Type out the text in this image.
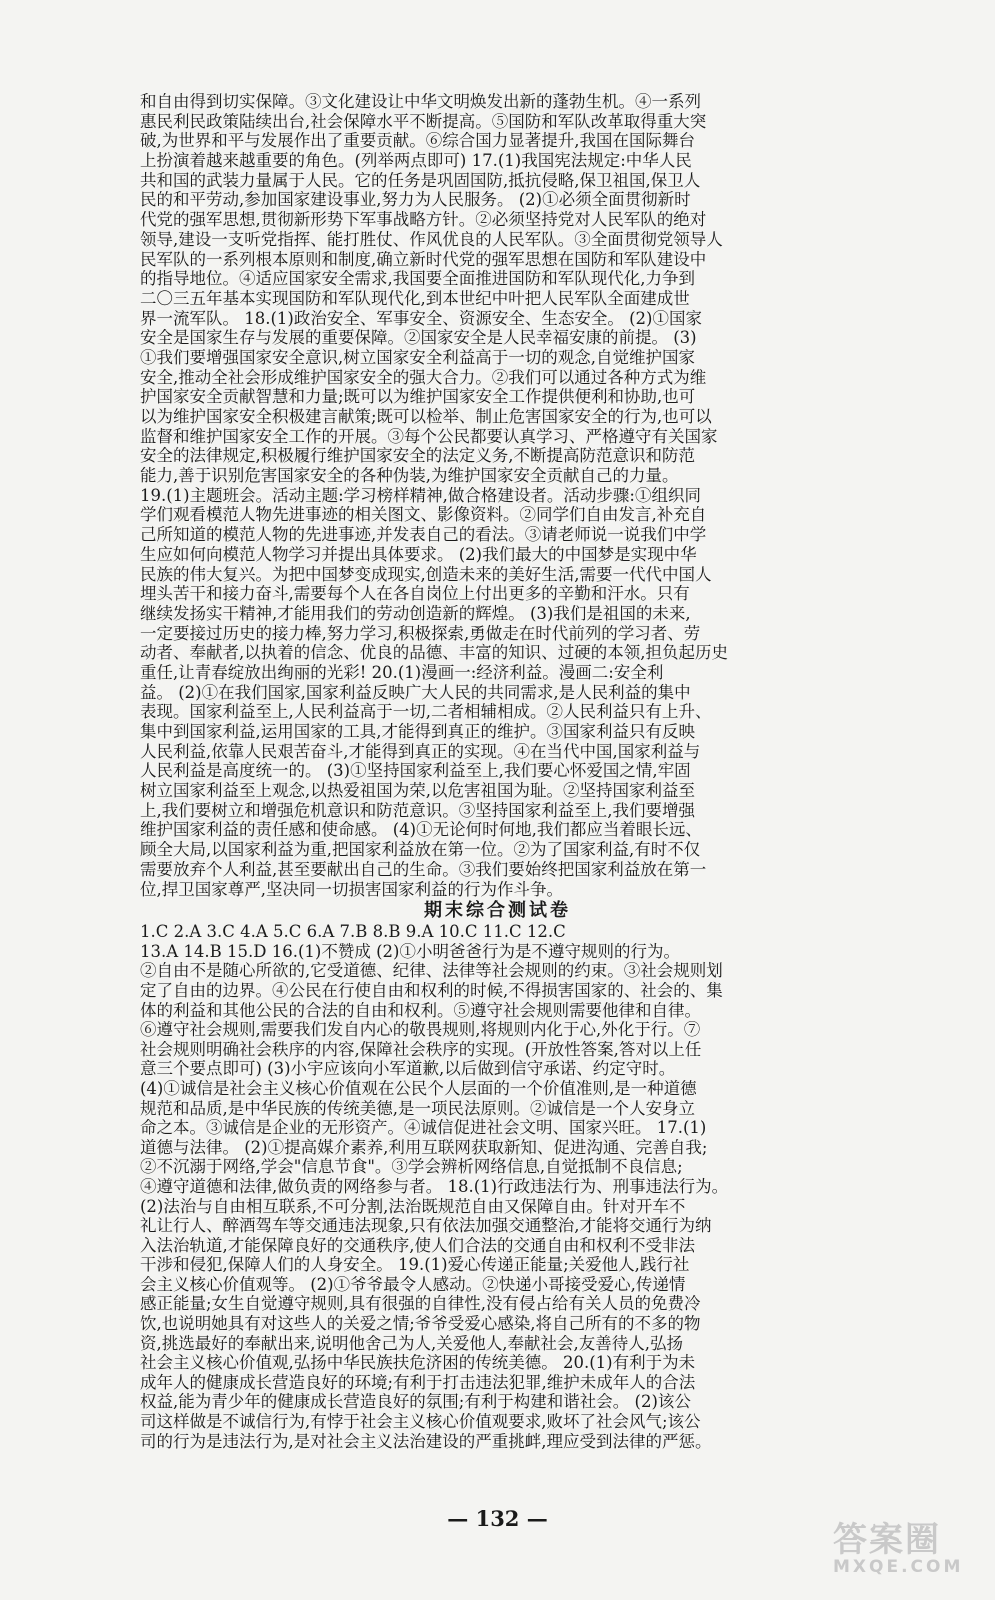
和自由得到切实保障。③文化建设让中华文明焕发出新的蓬勃生机。④一系列
惠民利民政策陆续出台,社会保障水平不断提高。⑤国防和军队改革取得重大突
破,为世界和平与发展作出了重要贡献。⑥综合国力显著提升,我国在国际舞台
上扮演着越来越重要的角色。(列举两点即可) 17.(1)我国宪法规定:中华人民
共和国的武装力量属于人民。它的任务是巩固国防,抵抗侵略,保卫祖国,保卫人
民的和平劳动,参加国家建设事业,努力为人民服务。 (2)①必须全面贯彻新时
代党的强军思想,贯彻新形势下军事战略方针。②必须坚持党对人民军队的绝对
领导,建设一支听党指挥、能打胜仗、作风优良的人民军队。③全面贯彻党领导人
民军队的一系列根本原则和制度,确立新时代党的强军思想在国防和军队建设中
的指导地位。④适应国家安全需求,我国要全面推进国防和军队现代化,力争到
二〇三五年基本实现国防和军队现代化,到本世纪中叶把人民军队全面建成世
界一流军队。 18.(1)政治安全、军事安全、资源安全、生态安全。 (2)①国家
安全是国家生存与发展的重要保障。②国家安全是人民幸福安康的前提。 (3)
①我们要增强国家安全意识,树立国家安全利益高于一切的观念,自觉维护国家
安全,推动全社会形成维护国家安全的强大合力。②我们可以通过各种方式为维
护国家安全贡献智慧和力量;既可以为维护国家安全工作提供便利和协助,也可
以为维护国家安全积极建言献策;既可以检举、制止危害国家安全的行为,也可以
监督和维护国家安全工作的开展。③每个公民都要认真学习、严格遵守有关国家
安全的法律规定,积极履行维护国家安全的法定义务,不断提高防范意识和防范
能力,善于识别危害国家安全的各种伪装,为维护国家安全贡献自己的力量。
19.(1)主题班会。活动主题:学习榜样精神,做合格建设者。活动步骤:①组织同
学们观看模范人物先进事迹的相关图文、影像资料。②同学们自由发言,补充自
己所知道的模范人物的先进事迹,并发表自己的看法。③请老师说一说我们中学
生应如何向模范人物学习并提出具体要求。 (2)我们最大的中国梦是实现中华
民族的伟大复兴。为把中国梦变成现实,创造未来的美好生活,需要一代代中国人
埋头苦干和接力奋斗,需要每个人在各自岗位上付出更多的辛勤和汗水。只有
继续发扬实干精神,才能用我们的劳动创造新的辉煌。 (3)我们是祖国的未来,
一定要接过历史的接力棒,努力学习,积极探索,勇做走在时代前列的学习者、劳
动者、奉献者,以执着的信念、优良的品德、丰富的知识、过硬的本领,担负起历史
重任,让青春绽放出绚丽的光彩! 20.(1)漫画一:经济利益。漫画二:安全利
益。 (2)①在我们国家,国家利益反映广大人民的共同需求,是人民利益的集中
表现。国家利益至上,人民利益高于一切,二者相辅相成。②人民利益只有上升、
集中到国家利益,运用国家的工具,才能得到真正的维护。③国家利益只有反映
人民利益,依靠人民艰苦奋斗,才能得到真正的实现。④在当代中国,国家利益与
人民利益是高度统一的。 (3)①坚持国家利益至上,我们要心怀爱国之情,牢固
树立国家利益至上观念,以热爱祖国为荣,以危害祖国为耻。②坚持国家利益至
上,我们要树立和增强危机意识和防范意识。③坚持国家利益至上,我们要增强
维护国家利益的责任感和使命感。 (4)①无论何时何地,我们都应当着眼长远、
顾全大局,以国家利益为重,把国家利益放在第一位。②为了国家利益,有时不仅
需要放弃个人利益,甚至要献出自己的生命。③我们要始终把国家利益放在第一
位,捍卫国家尊严,坚决同一切损害国家利益的行为作斗争。
期末综合测试卷
1.C 2.A 3.C 4.A 5.C 6.A 7.B 8.B 9.A 10.C 11.C 12.C
13.A 14.B 15.D 16.(1)不赞成 (2)①小明爸爸行为是不遵守规则的行为。
②自由不是随心所欲的,它受道德、纪律、法律等社会规则的约束。③社会规则划
定了自由的边界。④公民在行使自由和权利的时候,不得损害国家的、社会的、集
体的利益和其他公民的合法的自由和权利。⑤遵守社会规则需要他律和自律。
⑥遵守社会规则,需要我们发自内心的敬畏规则,将规则内化于心,外化于行。⑦
社会规则明确社会秩序的内容,保障社会秩序的实现。(开放性答案,答对以上任
意三个要点即可) (3)小宇应该向小军道歉,以后做到信守承诺、约定守时。
(4)①诚信是社会主义核心价值观在公民个人层面的一个价值准则,是一种道德
规范和品质,是中华民族的传统美德,是一项民法原则。②诚信是一个人安身立
命之本。③诚信是企业的无形资产。④诚信促进社会文明、国家兴旺。 17.(1)
道德与法律。 (2)①提高媒介素养,利用互联网获取新知、促进沟通、完善自我;
②不沉溺于网络,学会"信息节食"。③学会辨析网络信息,自觉抵制不良信息;
④遵守道德和法律,做负责的网络参与者。 18.(1)行政违法行为、刑事违法行为。
(2)法治与自由相互联系,不可分割,法治既规范自由又保障自由。针对开车不
礼让行人、醉酒驾车等交通违法现象,只有依法加强交通整治,才能将交通行为纳
入法治轨道,才能保障良好的交通秩序,使人们合法的交通自由和权利不受非法
干涉和侵犯,保障人们的人身安全。 19.(1)爱心传递正能量;关爱他人,践行社
会主义核心价值观等。 (2)①爷爷最令人感动。②快递小哥接受爱心,传递情
感正能量;女生自觉遵守规则,具有很强的自律性,没有侵占给有关人员的免费冷
饮,也说明她具有对这些人的关爱之情;爷爷受爱心感染,将自己所有的不多的物
资,挑选最好的奉献出来,说明他舍己为人,关爱他人,奉献社会,友善待人,弘扬
社会主义核心价值观,弘扬中华民族扶危济困的传统美德。 20.(1)有利于为未
成年人的健康成长营造良好的环境;有利于打击违法犯罪,维护未成年人的合法
权益,能为青少年的健康成长营造良好的氛围;有利于构建和谐社会。 (2)该公
司这样做是不诚信行为,有悖于社会主义核心价值观要求,败坏了社会风气;该公
司的行为是违法行为,是对社会主义法治建设的严重挑衅,理应受到法律的严惩。
— 132 —
答案圈
MXQE.COM
